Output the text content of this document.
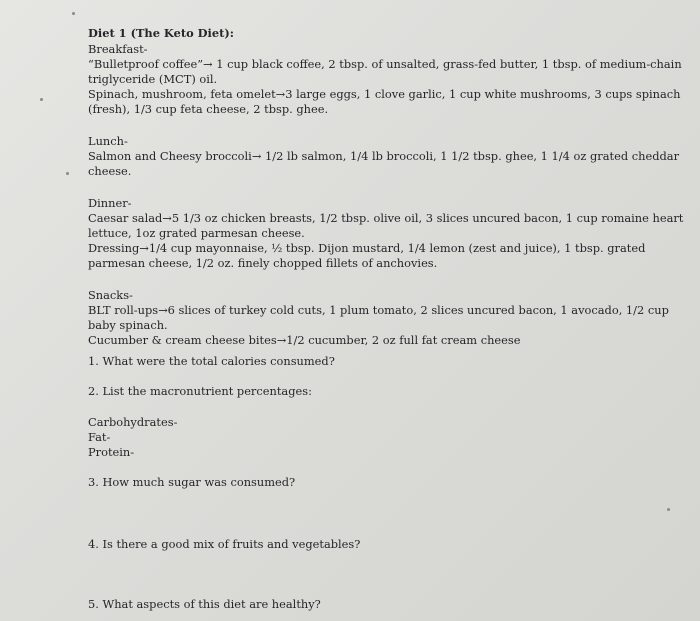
Diet 1 (The Keto Diet):

Breakfast-

“Bulletproof coffee”→ 1 cup black coffee, 2 tbsp. of unsalted, grass-fed butter, 1 tbsp. of medium-chain triglyceride (MCT) oil.

Spinach, mushroom, feta omelet→3 large eggs, 1 clove garlic, 1 cup white mushrooms, 3 cups spinach (fresh), 1/3 cup feta cheese, 2 tbsp. ghee.

Lunch-

Salmon and Cheesy broccoli→ 1/2 lb salmon, 1/4 lb broccoli, 1 1/2 tbsp. ghee, 1 1/4 oz grated cheddar cheese.

Dinner-

Caesar salad→5 1/3 oz chicken breasts, 1/2 tbsp. olive oil, 3 slices uncured bacon, 1 cup romaine heart lettuce, 1oz grated parmesan cheese.

Dressing→1/4 cup mayonnaise, ½ tbsp. Dijon mustard, 1/4 lemon (zest and juice), 1 tbsp. grated parmesan cheese, 1/2 oz. finely chopped fillets of anchovies.

Snacks-

BLT roll-ups→6 slices of turkey cold cuts, 1 plum tomato, 2 slices uncured bacon, 1 avocado, 1/2 cup baby spinach.

Cucumber & cream cheese bites→1/2 cucumber, 2 oz full fat cream cheese

1. What were the total calories consumed?

2. List the macronutrient percentages:

Carbohydrates-

Fat-

Protein-

3. How much sugar was consumed?

4. Is there a good mix of fruits and vegetables?

5. What aspects of this diet are healthy?
